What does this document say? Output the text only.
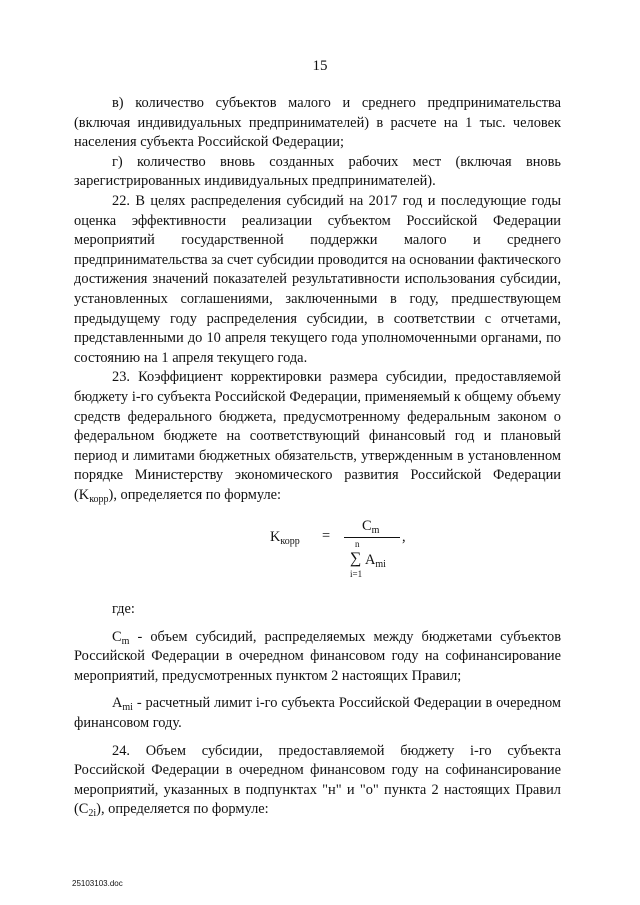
15

в) количество субъектов малого и среднего предпринимательства (включая индивидуальных предпринимателей) в расчете на 1 тыс. человек населения субъекта Российской Федерации;

г) количество вновь созданных рабочих мест (включая вновь зарегистрированных индивидуальных предпринимателей).

22. В целях распределения субсидий на 2017 год и последующие годы оценка эффективности реализации субъектом Российской Федерации мероприятий государственной поддержки малого и среднего предпринимательства за счет субсидии проводится на основании фактического достижения значений показателей результативности использования субсидии, установленных соглашениями, заключенными в году, предшествующем предыдущему году распределения субсидии, в соответствии с отчетами, представленными до 10 апреля текущего года уполномоченными органами, по состоянию на 1 апреля текущего года.

23. Коэффициент корректировки размера субсидии, предоставляемой бюджету i-го субъекта Российской Федерации, применяемый к общему объему средств федерального бюджета, предусмотренному федеральным законом о федеральном бюджете на соответствующий финансовый год и плановый период и лимитами бюджетных обязательств, утвержденным в установленном порядке Министерству экономического развития Российской Федерации $(K_{корр})$, определяется по формуле:

$K_{корр}$ =
$C_m$ ,
n
∑ $A_{mi}$
i=1

где:

$C_m$ - объем субсидий, распределяемых между бюджетами субъектов Российской Федерации в очередном финансовом году на софинансирование мероприятий, предусмотренных пунктом 2 настоящих Правил;

$A_{mi}$ - расчетный лимит i-го субъекта Российской Федерации в очередном финансовом году.

24. Объем субсидии, предоставляемой бюджету i-го субъекта Российской Федерации в очередном финансовом году на софинансирование мероприятий, указанных в подпунктах "н" и "о" пункта 2 настоящих Правил $(C_{2i})$, определяется по формуле:

25103103.doc
